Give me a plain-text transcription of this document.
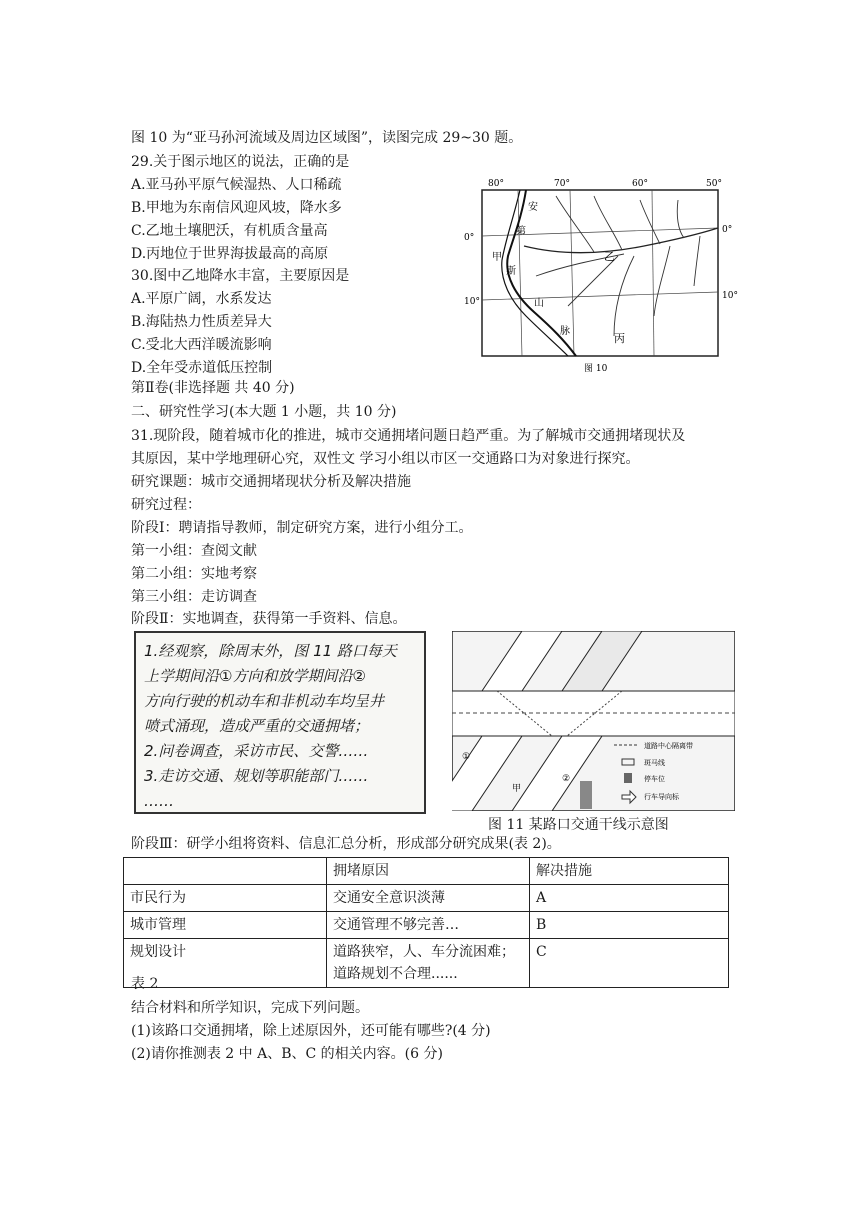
图 10 为“亚马孙河流域及周边区域图”，读图完成 29~30 题。
29.关于图示地区的说法，正确的是
A.亚马孙平原气候湿热、人口稀疏
B.甲地为东南信风迎风坡，降水多
C.乙地土壤肥沃，有机质含量高
D.丙地位于世界海拔最高的高原
30.图中乙地降水丰富，主要原因是
A.平原广阔，水系发达
B.海陆热力性质差异大
C.受北大西洋暖流影响
D.全年受赤道低压控制
80°	70°	60°	50°
0°
0°
10°
10°
安
第
甲
斯
山
脉
乙
丙
图 10
第Ⅱ卷(非选择题 共 40 分)
二、研究性学习(本大题 1 小题，共 10 分)
31.现阶段，随着城市化的推进，城市交通拥堵问题日趋严重。为了解城市交通拥堵现状及
其原因，某中学地理研心究，双性文 学习小组以市区一交通路口为对象进行探究。
研究课题：城市交通拥堵现状分析及解决措施
研究过程：
阶段Ⅰ：聘请指导教师，制定研究方案，进行小组分工。
第一小组：查阅文献
第二小组：实地考察
第三小组：走访调查
阶段Ⅱ：实地调查，获得第一手资料、信息。
1.经观察，除周末外，图 11 路口每天
上学期间沿①方向和放学期间沿②
方向行驶的机动车和非机动车均呈井
喷式涌现，造成严重的交通拥堵；
2.问卷调查，采访市民、交警……
3.走访交通、规划等职能部门……
……
①
甲
②
道路中心隔离带
斑马线
停车位
行车导向标
图 11 某路口交通干线示意图
阶段Ⅲ：研学小组将资料、信息汇总分析，形成部分研究成果(表 2)。
	拥堵原因	解决措施
市民行为	交通安全意识淡薄	A
城市管理	交通管理不够完善…	B
规划设计	道路狭窄，人、车分流困难；
道路规划不合理......	C
表 2
结合材料和所学知识，完成下列问题。
(1)该路口交通拥堵，除上述原因外，还可能有哪些?(4 分)
(2)请你推测表 2 中 A、B、C 的相关内容。(6 分)
